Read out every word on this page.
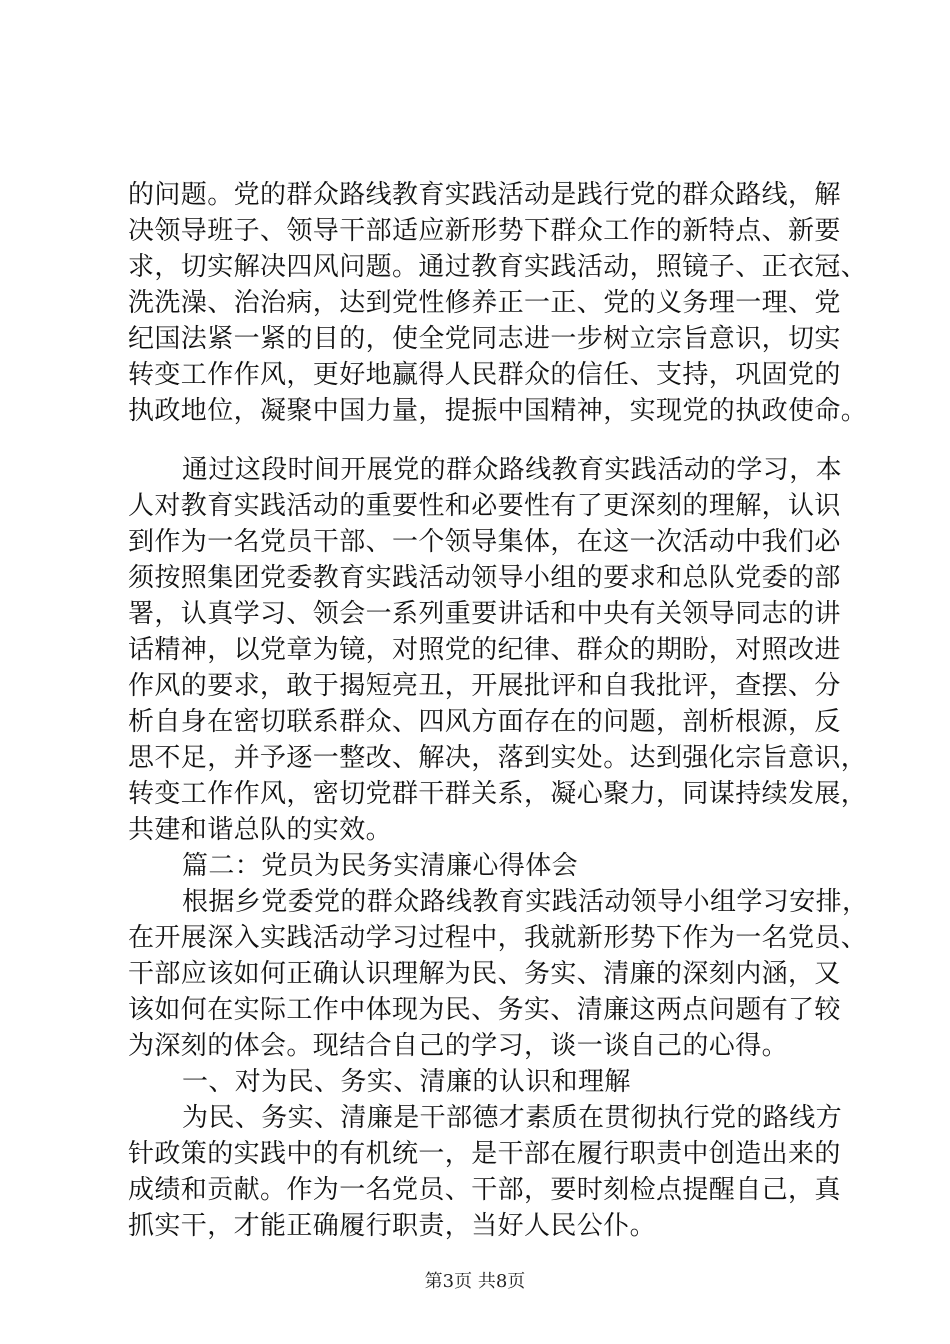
的问题。党的群众路线教育实践活动是践行党的群众路线，解

决领导班子、领导干部适应新形势下群众工作的新特点、新要

求，切实解决四风问题。通过教育实践活动，照镜子、正衣冠、

洗洗澡、治治病，达到党性修养正一正、党的义务理一理、党

纪国法紧一紧的目的，使全党同志进一步树立宗旨意识，切实

转变工作作风，更好地赢得人民群众的信任、支持，巩固党的

执政地位，凝聚中国力量，提振中国精神，实现党的执政使命。

通过这段时间开展党的群众路线教育实践活动的学习，本

人对教育实践活动的重要性和必要性有了更深刻的理解，认识

到作为一名党员干部、一个领导集体，在这一次活动中我们必

须按照集团党委教育实践活动领导小组的要求和总队党委的部

署，认真学习、领会一系列重要讲话和中央有关领导同志的讲

话精神，以党章为镜，对照党的纪律、群众的期盼，对照改进

作风的要求，敢于揭短亮丑，开展批评和自我批评，查摆、分

析自身在密切联系群众、四风方面存在的问题，剖析根源，反

思不足，并予逐一整改、解决，落到实处。达到强化宗旨意识，

转变工作作风，密切党群干群关系，凝心聚力，同谋持续发展，

共建和谐总队的实效。

篇二：党员为民务实清廉心得体会

根据乡党委党的群众路线教育实践活动领导小组学习安排，

在开展深入实践活动学习过程中，我就新形势下作为一名党员、

干部应该如何正确认识理解为民、务实、清廉的深刻内涵，又

该如何在实际工作中体现为民、务实、清廉这两点问题有了较

为深刻的体会。现结合自己的学习，谈一谈自己的心得。

一、对为民、务实、清廉的认识和理解

为民、务实、清廉是干部德才素质在贯彻执行党的路线方

针政策的实践中的有机统一，是干部在履行职责中创造出来的

成绩和贡献。作为一名党员、干部，要时刻检点提醒自己，真

抓实干，才能正确履行职责，当好人民公仆。

第3页 共8页
